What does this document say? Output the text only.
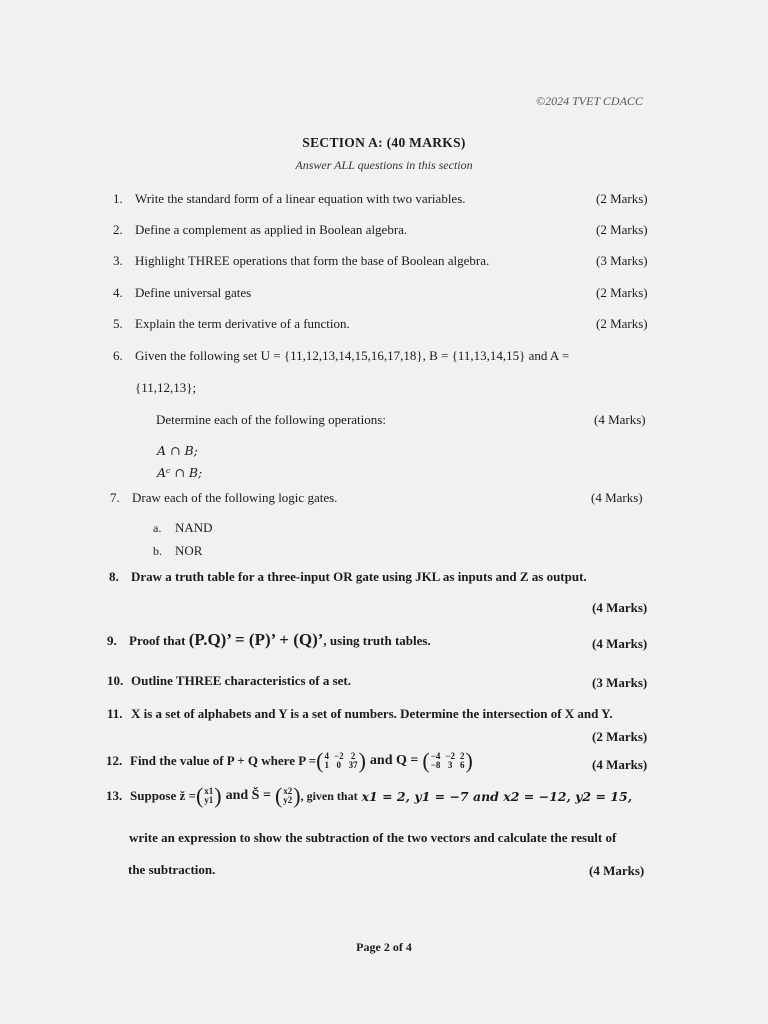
©2024 TVET CDACC
SECTION A: (40 MARKS)
Answer ALL questions in this section
1. Write the standard form of a linear equation with two variables.	(2 Marks)
2. Define a complement as applied in Boolean algebra.	(2 Marks)
3. Highlight THREE operations that form the base of Boolean algebra.	(3 Marks)
4. Define universal gates	(2 Marks)
5. Explain the term derivative of a function.	(2 Marks)
6. Given the following set U = {11,12,13,14,15,16,17,18}, B = {11,13,14,15} and A =
{11,12,13};
Determine each of the following operations:	(4 Marks)
A ∩ B;
Aᶜ ∩ B;
7. Draw each of the following logic gates.	(4 Marks)
a. NAND
b. NOR
8. Draw a truth table for a three-input OR gate using JKL as inputs and Z as output.
(4 Marks)
9. Proof that (P.Q)’ = (P)’ + (Q)’, using truth tables.	(4 Marks)
10. Outline THREE characteristics of a set.	(3 Marks)
11. X is a set of alphabets and Y is a set of numbers. Determine the intersection of X and Y.
(2 Marks)
12. Find the value of P + Q where P = ( 4 −2 2
1 0 37 ) and Q = ( −4 −2 2
−8 3 6 )	(4 Marks)
13. Suppose ž = ( x1
y1 ) and Š = ( x2
y2 ) , given that x1 = 2, y1 = −7 and x2 = −12, y2 = 15,
write an expression to show the subtraction of the two vectors and calculate the result of
the subtraction.	(4 Marks)
Page 2 of 4
